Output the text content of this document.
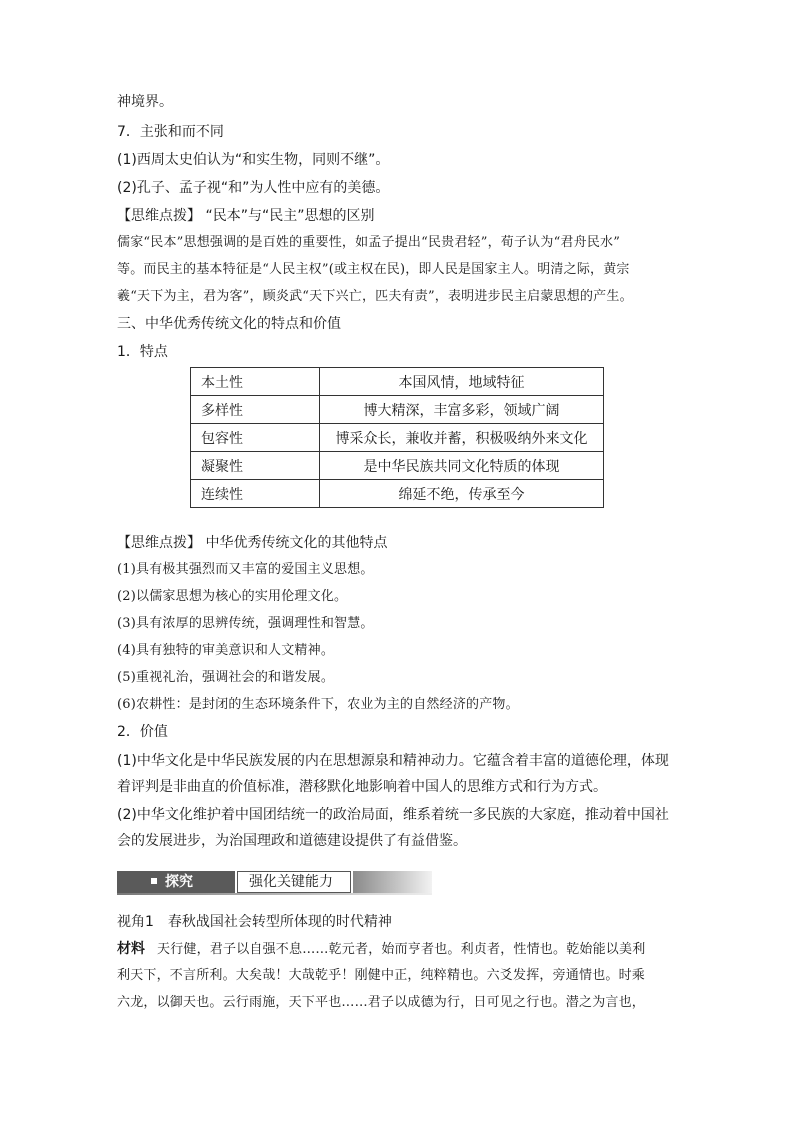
神境界。
7．主张和而不同
(1)西周太史伯认为“和实生物，同则不继”。
(2)孔子、孟子视“和”为人性中应有的美德。
【思维点拨】 “民本”与“民主”思想的区别
儒家“民本”思想强调的是百姓的重要性，如孟子提出“民贵君轻”，荀子认为“君舟民水”
等。而民主的基本特征是“人民主权”(或主权在民)，即人民是国家主人。明清之际，黄宗
羲“天下为主，君为客”，顾炎武“天下兴亡，匹夫有责”，表明进步民主启蒙思想的产生。
三、中华优秀传统文化的特点和价值
1．特点
本土性	本国风情，地域特征
多样性	博大精深，丰富多彩，领域广阔
包容性	博采众长，兼收并蓄，积极吸纳外来文化
凝聚性	是中华民族共同文化特质的体现
连续性	绵延不绝，传承至今
【思维点拨】 中华优秀传统文化的其他特点
(1)具有极其强烈而又丰富的爱国主义思想。
(2)以儒家思想为核心的实用伦理文化。
(3)具有浓厚的思辨传统，强调理性和智慧。
(4)具有独特的审美意识和人文精神。
(5)重视礼治，强调社会的和谐发展。
(6)农耕性：是封闭的生态环境条件下，农业为主的自然经济的产物。
2．价值
(1)中华文化是中华民族发展的内在思想源泉和精神动力。它蕴含着丰富的道德伦理，体现着评判是非曲直的价值标准，潜移默化地影响着中国人的思维方式和行为方式。
(2)中华文化维护着中国团结统一的政治局面，维系着统一多民族的大家庭，推动着中国社会的发展进步，为治国理政和道德建设提供了有益借鉴。
探究	强化关键能力
视角1　春秋战国社会转型所体现的时代精神
材料 天行健，君子以自强不息……乾元者，始而亨者也。利贞者，性情也。乾始能以美利
利天下，不言所利。大矣哉！大哉乾乎！刚健中正，纯粹精也。六爻发挥，旁通情也。时乘
六龙，以御天也。云行雨施，天下平也……君子以成德为行，日可见之行也。潜之为言也，
